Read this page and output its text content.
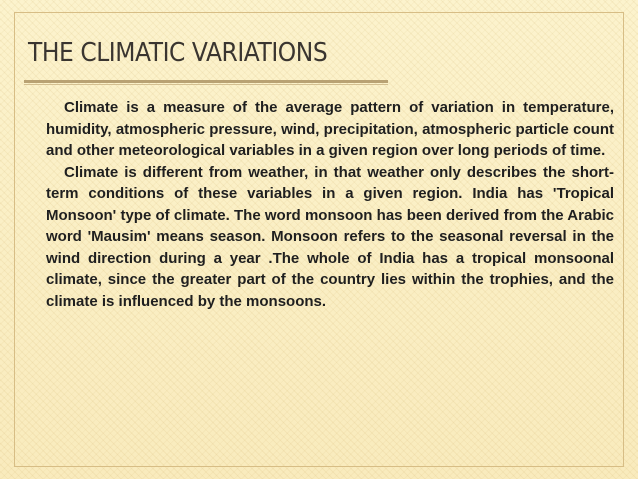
THE CLIMATIC VARIATIONS

Climate is a measure of the average pattern of variation in temperature, humidity, atmospheric pressure, wind, precipitation, atmospheric particle count and other meteorological variables in a given region over long periods of time.

Climate is different from weather, in that weather only describes the short-term conditions of these variables in a given region. India has 'Tropical Monsoon' type of climate. The word monsoon has been derived from the Arabic word 'Mausim' means season. Monsoon refers to the seasonal reversal in the wind direction during a year .The whole of India has a tropical monsoonal climate, since the greater part of the country lies within the trophies, and the climate is influenced by the monsoons.
